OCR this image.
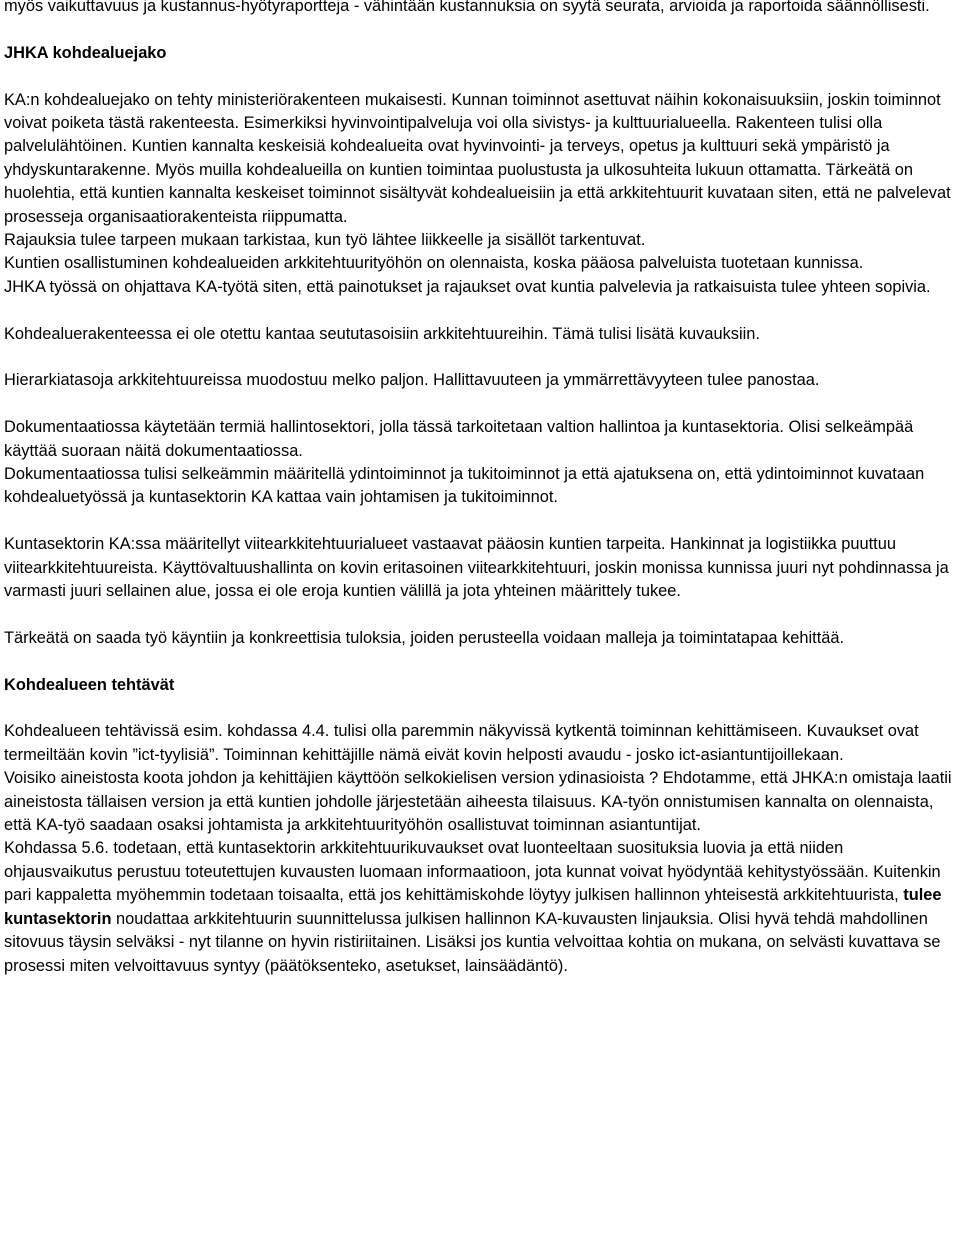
myös vaikuttavuus ja kustannus-hyötyraportteja - vähintään kustannuksia on syytä seurata, arvioida ja raportoida säännöllisesti.

JHKA kohdealuejako

KA:n kohdealuejako on tehty ministeriörakenteen mukaisesti. Kunnan toiminnot asettuvat näihin kokonaisuuksiin, joskin toiminnot voivat poiketa tästä rakenteesta. Esimerkiksi hyvinvointipalveluja voi olla sivistys- ja kulttuurialueella. Rakenteen tulisi olla palvelulähtöinen. Kuntien kannalta keskeisiä kohdealueita ovat hyvinvointi- ja terveys, opetus ja kulttuuri sekä ympäristö ja yhdyskuntarakenne. Myös muilla kohdealueilla on kuntien toimintaa puolustusta ja ulkosuhteita lukuun ottamatta. Tärkeätä on huolehtia, että kuntien kannalta keskeiset toiminnot sisältyvät kohdealueisiin ja että arkkitehtuurit kuvataan siten, että ne palvelevat prosesseja organisaatiorakenteista riippumatta.

Rajauksia tulee tarpeen mukaan tarkistaa, kun työ lähtee liikkeelle ja sisällöt tarkentuvat.

Kuntien osallistuminen kohdealueiden arkkitehtuurityöhön on olennaista, koska pääosa palveluista tuotetaan kunnissa.

JHKA työssä on ohjattava KA-työtä siten, että painotukset ja rajaukset ovat kuntia palvelevia ja ratkaisuista tulee yhteen sopivia.

Kohdealuerakenteessa ei ole otettu kantaa seututasoisiin arkkitehtuureihin. Tämä tulisi lisätä kuvauksiin.

Hierarkiatasoja arkkitehtuureissa muodostuu melko paljon. Hallittavuuteen ja ymmärrettävyyteen tulee panostaa.

Dokumentaatiossa käytetään termiä hallintosektori, jolla tässä tarkoitetaan valtion hallintoa ja kuntasektoria. Olisi selkeämpää käyttää suoraan näitä dokumentaatiossa.

Dokumentaatiossa tulisi selkeämmin määritellä ydintoiminnot ja tukitoiminnot ja että ajatuksena on, että ydintoiminnot kuvataan kohdealuetyössä ja kuntasektorin KA kattaa vain johtamisen ja tukitoiminnot.

Kuntasektorin KA:ssa määritellyt viitearkkitehtuurialueet vastaavat pääosin kuntien tarpeita. Hankinnat ja logistiikka puuttuu viitearkkitehtuureista. Käyttövaltuushallinta on kovin eritasoinen viitearkkitehtuuri, joskin monissa kunnissa juuri nyt pohdinnassa ja varmasti juuri sellainen alue, jossa ei ole eroja kuntien välillä ja jota yhteinen määrittely tukee.

Tärkeätä on saada työ käyntiin ja konkreettisia tuloksia, joiden perusteella voidaan malleja ja toimintatapaa kehittää.

Kohdealueen tehtävät

Kohdealueen tehtävissä esim. kohdassa 4.4. tulisi olla paremmin näkyvissä kytkentä toiminnan kehittämiseen. Kuvaukset ovat termeiltään kovin ”ict-tyylisiä”. Toiminnan kehittäjille nämä eivät kovin helposti avaudu - josko ict-asiantuntijoillekaan.

Voisiko aineistosta koota johdon ja kehittäjien käyttöön selkokielisen version ydinasioista ? Ehdotamme, että JHKA:n omistaja laatii aineistosta tällaisen version ja että kuntien johdolle järjestetään aiheesta tilaisuus. KA-työn onnistumisen kannalta on olennaista, että KA-työ saadaan osaksi johtamista ja arkkitehtuurityöhön osallistuvat toiminnan asiantuntijat.

Kohdassa 5.6. todetaan, että kuntasektorin arkkitehtuurikuvaukset ovat luonteeltaan suosituksia luovia ja että niiden ohjausvaikutus perustuu toteutettujen kuvausten luomaan informaatioon, jota kunnat voivat hyödyntää kehitystyössään. Kuitenkin pari kappaletta myöhemmin todetaan toisaalta, että jos kehittämiskohde löytyy julkisen hallinnon yhteisestä arkkitehtuurista, tulee kuntasektorin noudattaa arkkitehtuurin suunnittelussa julkisen hallinnon KA-kuvausten linjauksia. Olisi hyvä tehdä mahdollinen sitovuus täysin selväksi - nyt tilanne on hyvin ristiriitainen. Lisäksi jos kuntia velvoittaa kohtia on mukana, on selvästi kuvattava se prosessi miten velvoittavuus syntyy (päätöksenteko, asetukset, lainsäädäntö).
